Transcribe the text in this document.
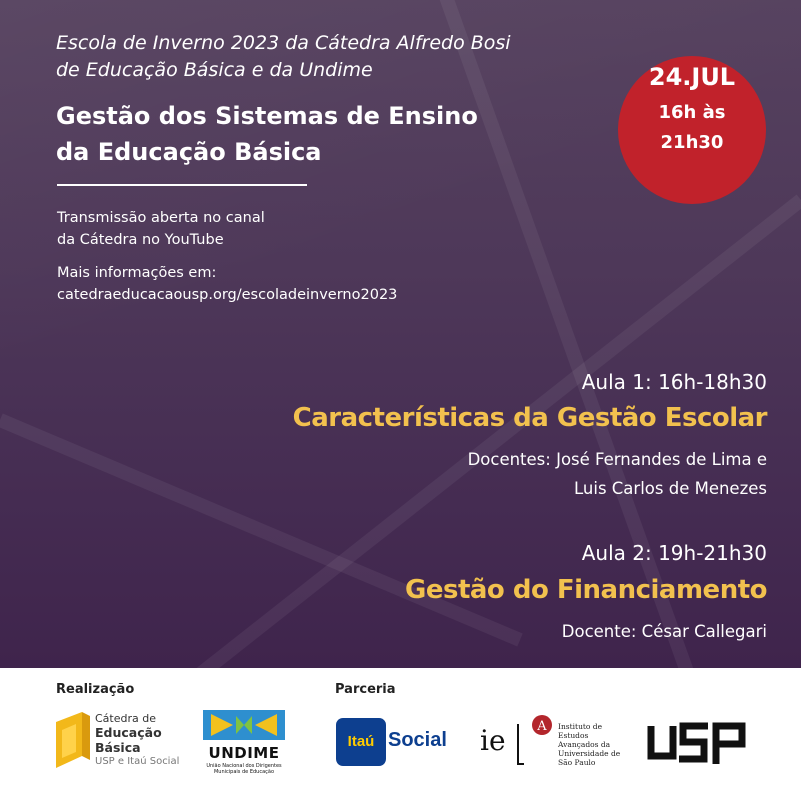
Escola de Inverno 2023 da Cátedra Alfredo Bosi
de Educação Básica e da Undime
Gestão dos Sistemas de Ensino
da Educação Básica
Transmissão aberta no canal
da Cátedra no YouTube
Mais informações em:
catedraeducacaousp.org/escoladeinverno2023
24.JUL
16h às
21h30
Aula 1: 16h-18h30
Características da Gestão Escolar
Docentes: José Fernandes de Lima e
Luis Carlos de Menezes
Aula 2: 19h-21h30
Gestão do Financiamento
Docente: César Callegari
Realização	Parceria
Cátedra de
Educação
Básica
USP e Itaú Social	UNDIME
União Nacional dos Dirigentes
Municipais de Educação
Itaú Social ie A Instituto de
Estudos
Avançados da
Universidade de
São Paulo
